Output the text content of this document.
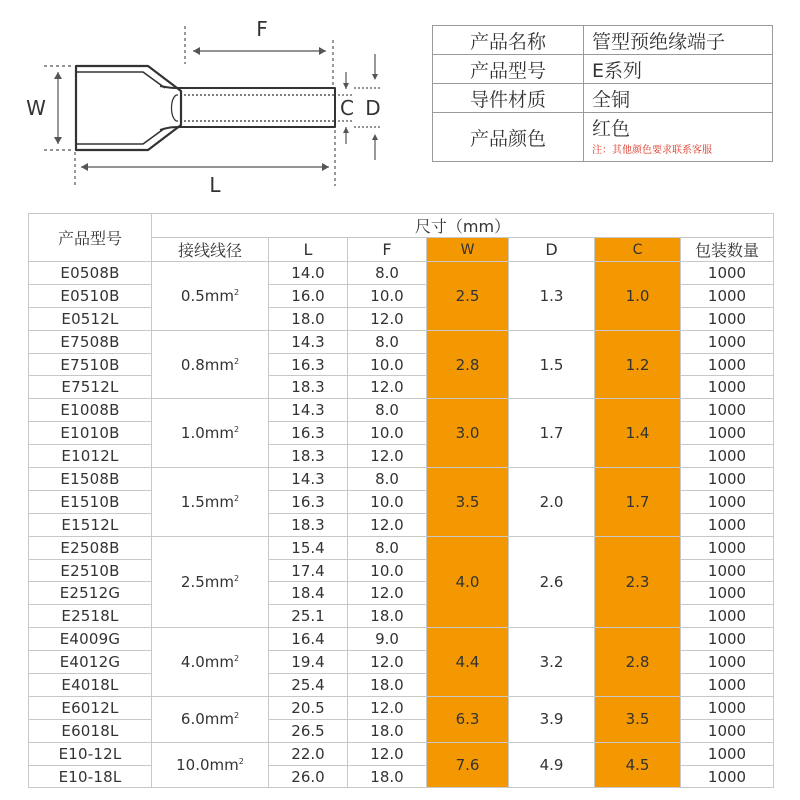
F
L
W	C D
产品名称	管型预绝缘端子
产品型号	E系列
导件材质	全铜
产品颜色	红色
注：其他颜色要求联系客服
产品型号	尺寸（mm）						
	接线线径	L	F	W	D	C	包装数量
E0508B	$0.5mm^2$	14.0	8.0	2.5	1.3	1.0	1000
E0510B		16.0	10.0				1000
E0512L		18.0	12.0				1000
E7508B	$0.8mm^2$	14.3	8.0	2.8	1.5	1.2	1000
E7510B		16.3	10.0				1000
E7512L		18.3	12.0				1000
E1008B	$1.0mm^2$	14.3	8.0	3.0	1.7	1.4	1000
E1010B		16.3	10.0				1000
E1012L		18.3	12.0				1000
E1508B	$1.5mm^2$	14.3	8.0	3.5	2.0	1.7	1000
E1510B		16.3	10.0				1000
E1512L		18.3	12.0				1000
E2508B	$2.5mm^2$	15.4	8.0	4.0	2.6	2.3	1000
E2510B		17.4	10.0				1000
E2512G		18.4	12.0				1000
E2518L		25.1	18.0				1000
E4009G	$4.0mm^2$	16.4	9.0	4.4	3.2	2.8	1000
E4012G		19.4	12.0				1000
E4018L		25.4	18.0				1000
E6012L	$6.0mm^2$	20.5	12.0	6.3	3.9	3.5	1000
E6018L		26.5	18.0				1000
E10-12L	$10.0mm^2$	22.0	12.0	7.6	4.9	4.5	1000
E10-18L		26.0	18.0				1000
